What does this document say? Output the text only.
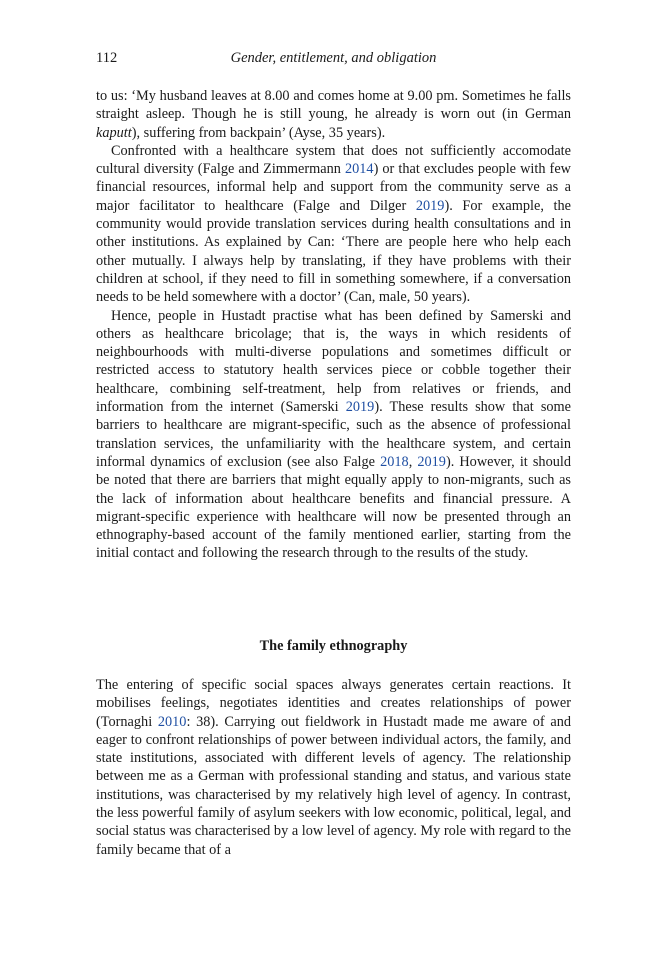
112	Gender, entitlement, and obligation

to us: ‘My husband leaves at 8.00 and comes home at 9.00 pm. Sometimes he falls straight asleep. Though he is still young, he already is worn out (in German kaputt), suffering from backpain’ (Ayse, 35 years).

Confronted with a healthcare system that does not sufficiently accomodate cultural diversity (Falge and Zimmermann 2014) or that excludes people with few financial resources, informal help and support from the community serve as a major facilitator to healthcare (Falge and Dilger 2019). For example, the community would provide translation services during health consultations and in other institutions. As explained by Can: ‘There are people here who help each other mutually. I always help by translating, if they have problems with their children at school, if they need to fill in something somewhere, if a conversation needs to be held somewhere with a doctor’ (Can, male, 50 years).

Hence, people in Hustadt practise what has been defined by Samerski and others as healthcare bricolage; that is, the ways in which residents of neighbourhoods with multi-diverse populations and sometimes difficult or restricted access to statutory health services piece or cobble together their healthcare, combining self-treatment, help from relatives or friends, and information from the internet (Samerski 2019). These results show that some barriers to healthcare are migrant-specific, such as the absence of professional translation services, the unfamiliarity with the healthcare system, and certain informal dynamics of exclusion (see also Falge 2018, 2019). However, it should be noted that there are barriers that might equally apply to non-migrants, such as the lack of information about healthcare benefits and financial pressure. A migrant-specific experience with healthcare will now be presented through an ethnography-based account of the family mentioned earlier, starting from the initial contact and following the research through to the results of the study.

The family ethnography

The entering of specific social spaces always generates certain reactions. It mobilises feelings, negotiates identities and creates relationships of power (Tornaghi 2010: 38). Carrying out fieldwork in Hustadt made me aware of and eager to confront relationships of power between individual actors, the family, and state institutions, associated with different levels of agency. The relationship between me as a German with professional standing and status, and various state institutions, was characterised by my relatively high level of agency. In contrast, the less powerful family of asylum seekers with low economic, political, legal, and social status was characterised by a low level of agency. My role with regard to the family became that of a
